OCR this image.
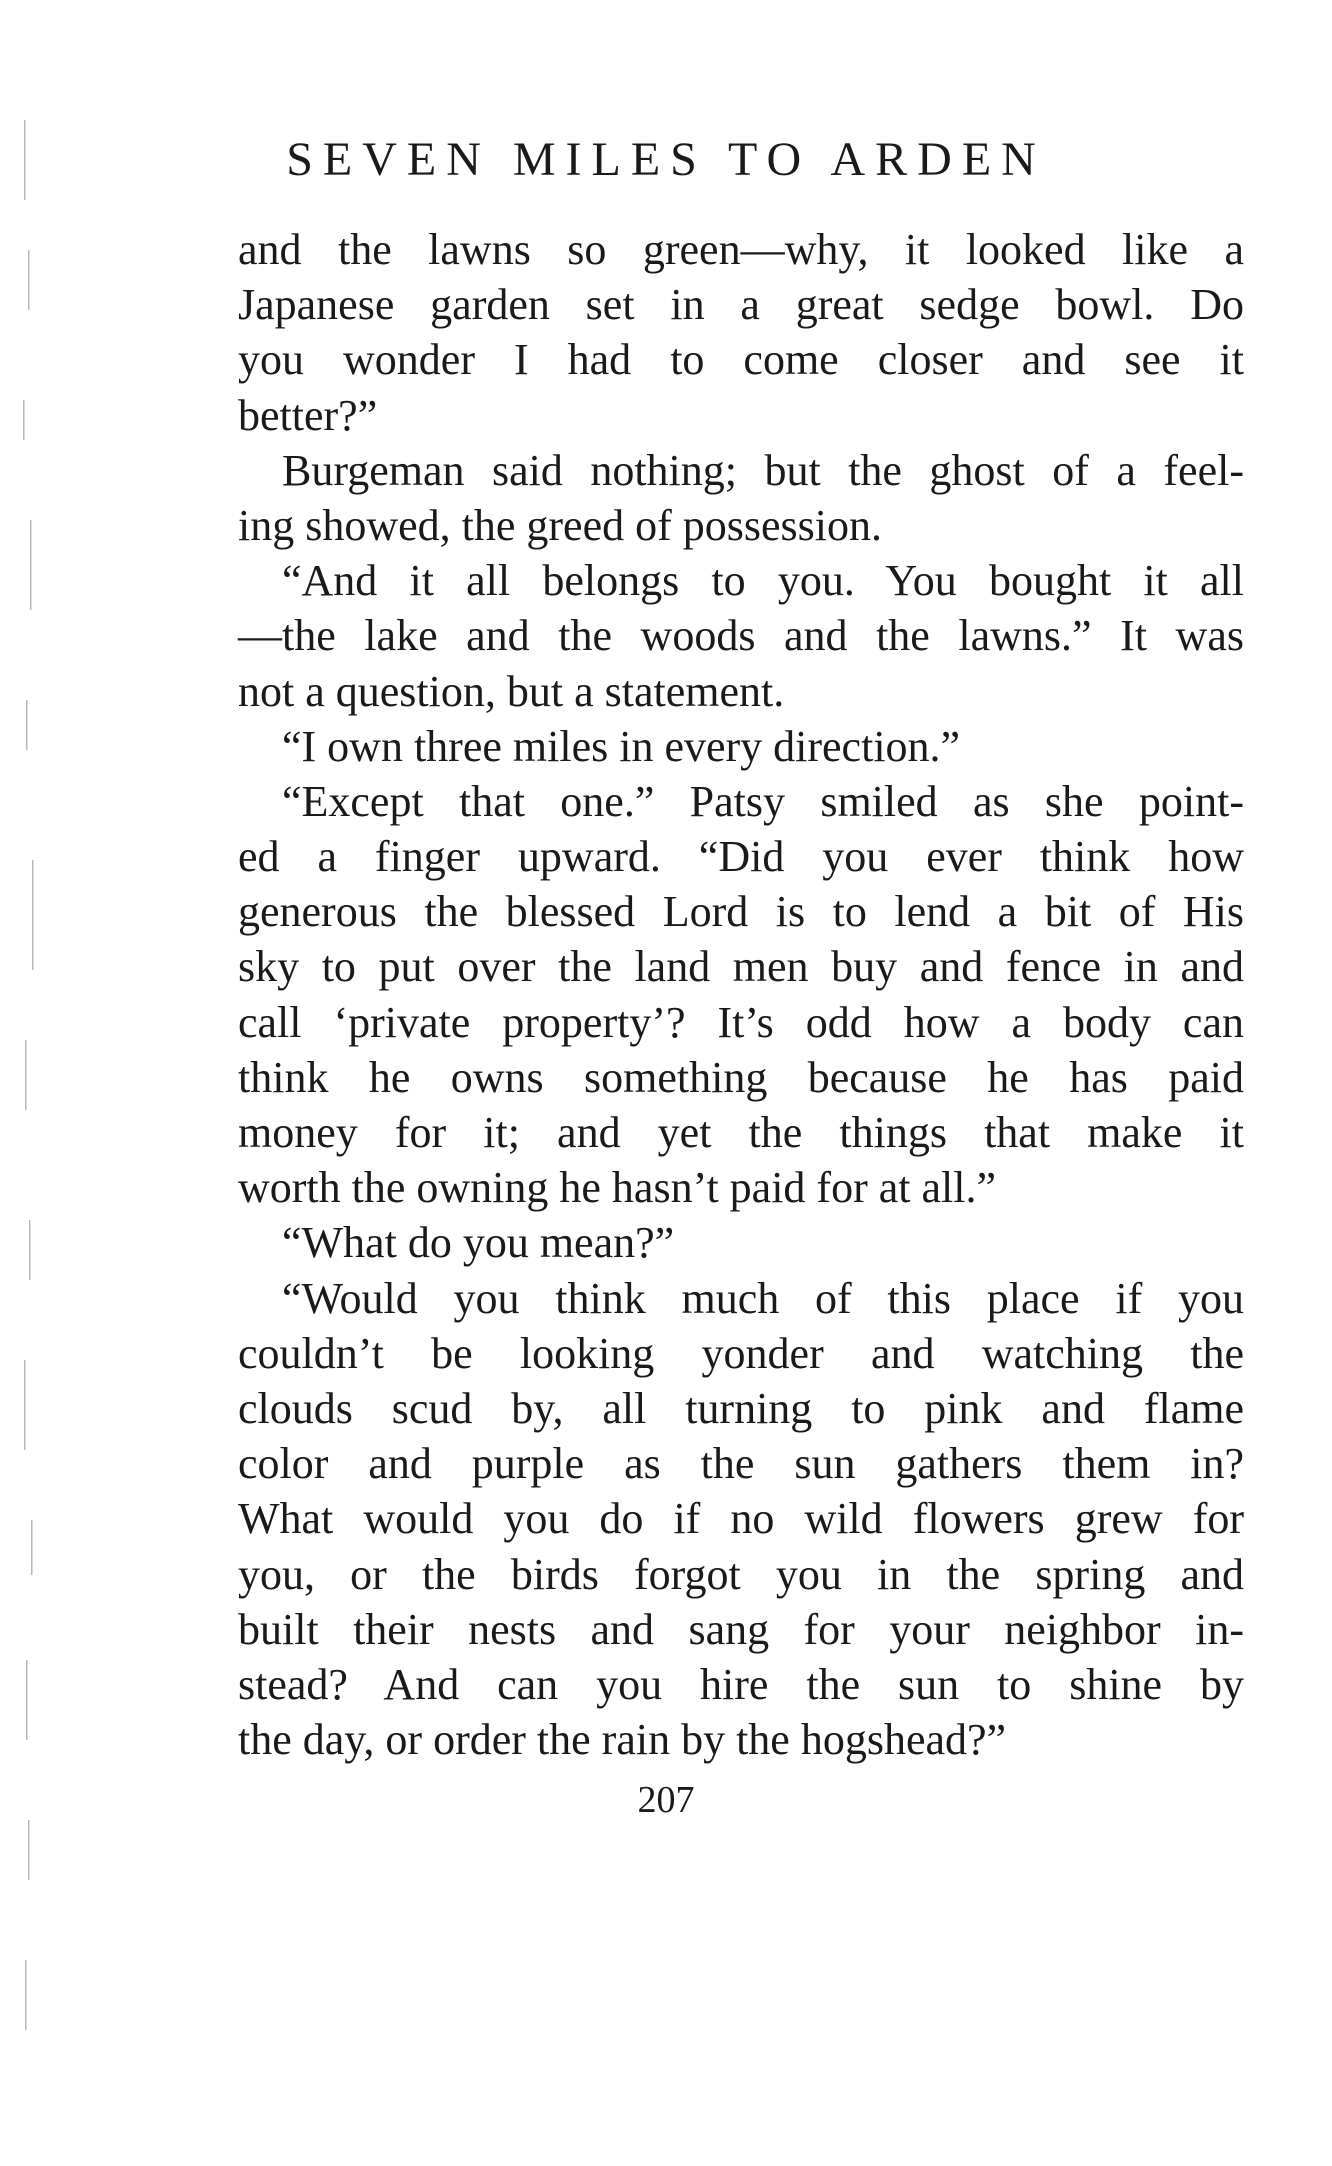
SEVEN MILES TO ARDEN
and the lawns so green—why, it looked like a
Japanese garden set in a great sedge bowl. Do
you wonder I had to come closer and see it
better?”
Burgeman said nothing; but the ghost of a feel-
ing showed, the greed of possession.
“And it all belongs to you. You bought it all
—the lake and the woods and the lawns.” It was
not a question, but a statement.
“I own three miles in every direction.”
“Except that one.” Patsy smiled as she point-
ed a finger upward. “Did you ever think how
generous the blessed Lord is to lend a bit of His
sky to put over the land men buy and fence in and
call ‘private property’? It’s odd how a body can
think he owns something because he has paid
money for it; and yet the things that make it
worth the owning he hasn’t paid for at all.”
“What do you mean?”
“Would you think much of this place if you
couldn’t be looking yonder and watching the
clouds scud by, all turning to pink and flame
color and purple as the sun gathers them in?
What would you do if no wild flowers grew for
you, or the birds forgot you in the spring and
built their nests and sang for your neighbor in-
stead? And can you hire the sun to shine by
the day, or order the rain by the hogshead?”
207
